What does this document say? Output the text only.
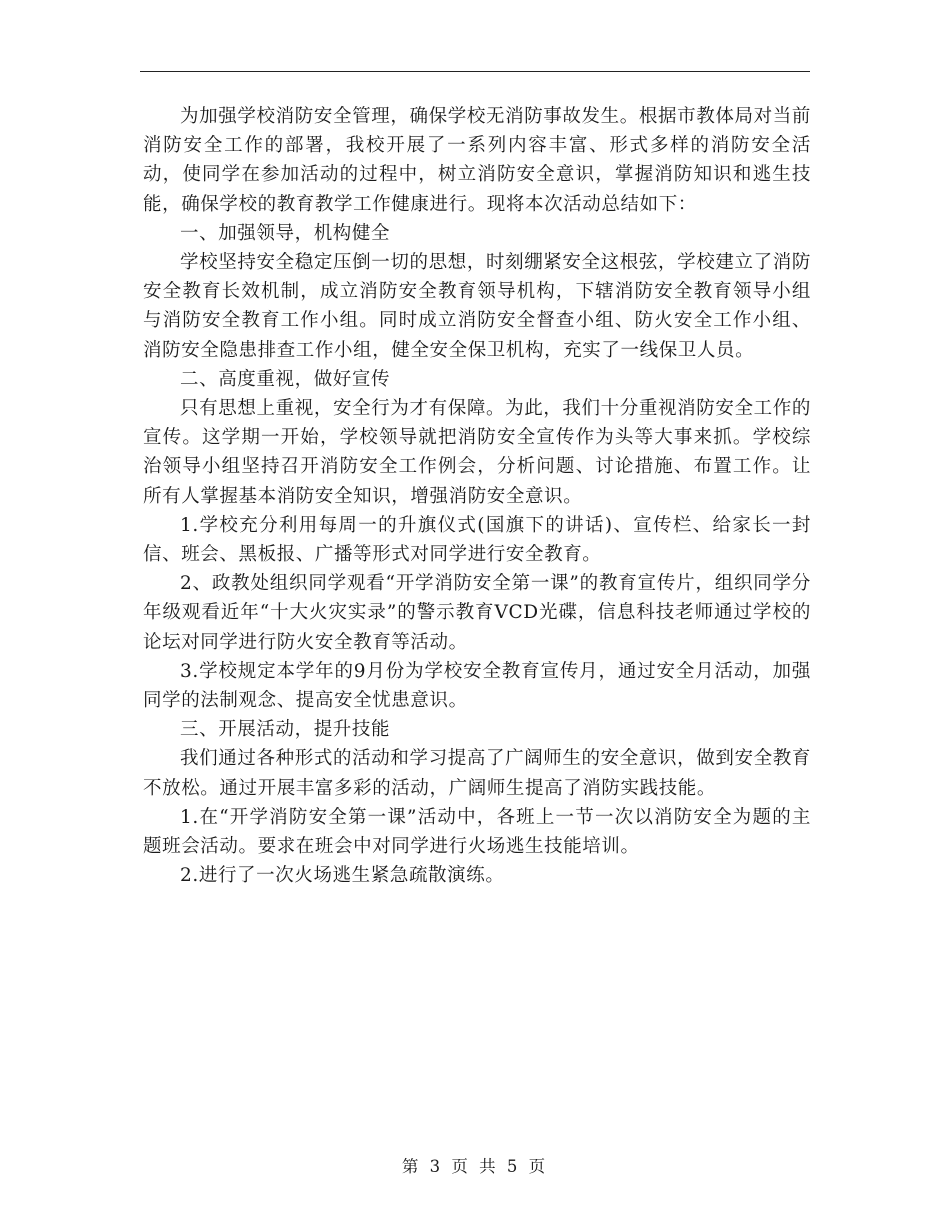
为加强学校消防安全管理，确保学校无消防事故发生。根据市教体局对当前消防安全工作的部署，我校开展了一系列内容丰富、形式多样的消防安全活动，使同学在参加活动的过程中，树立消防安全意识，掌握消防知识和逃生技能，确保学校的教育教学工作健康进行。现将本次活动总结如下：

一、加强领导，机构健全

学校坚持安全稳定压倒一切的思想，时刻绷紧安全这根弦，学校建立了消防安全教育长效机制，成立消防安全教育领导机构，下辖消防安全教育领导小组与消防安全教育工作小组。同时成立消防安全督查小组、防火安全工作小组、消防安全隐患排查工作小组，健全安全保卫机构，充实了一线保卫人员。

二、高度重视，做好宣传

只有思想上重视，安全行为才有保障。为此，我们十分重视消防安全工作的宣传。这学期一开始，学校领导就把消防安全宣传作为头等大事来抓。学校综治领导小组坚持召开消防安全工作例会，分析问题、讨论措施、布置工作。让所有人掌握基本消防安全知识，增强消防安全意识。

1.学校充分利用每周一的升旗仪式(国旗下的讲话)、宣传栏、给家长一封信、班会、黑板报、广播等形式对同学进行安全教育。

2、政教处组织同学观看“开学消防安全第一课”的教育宣传片，组织同学分年级观看近年“十大火灾实录”的警示教育VCD光碟，信息科技老师通过学校的论坛对同学进行防火安全教育等活动。

3.学校规定本学年的9月份为学校安全教育宣传月，通过安全月活动，加强同学的法制观念、提高安全忧患意识。

三、开展活动，提升技能

我们通过各种形式的活动和学习提高了广阔师生的安全意识，做到安全教育不放松。通过开展丰富多彩的活动，广阔师生提高了消防实践技能。

1.在“开学消防安全第一课”活动中，各班上一节一次以消防安全为题的主题班会活动。要求在班会中对同学进行火场逃生技能培训。

2.进行了一次火场逃生紧急疏散演练。

第 3 页 共 5 页
